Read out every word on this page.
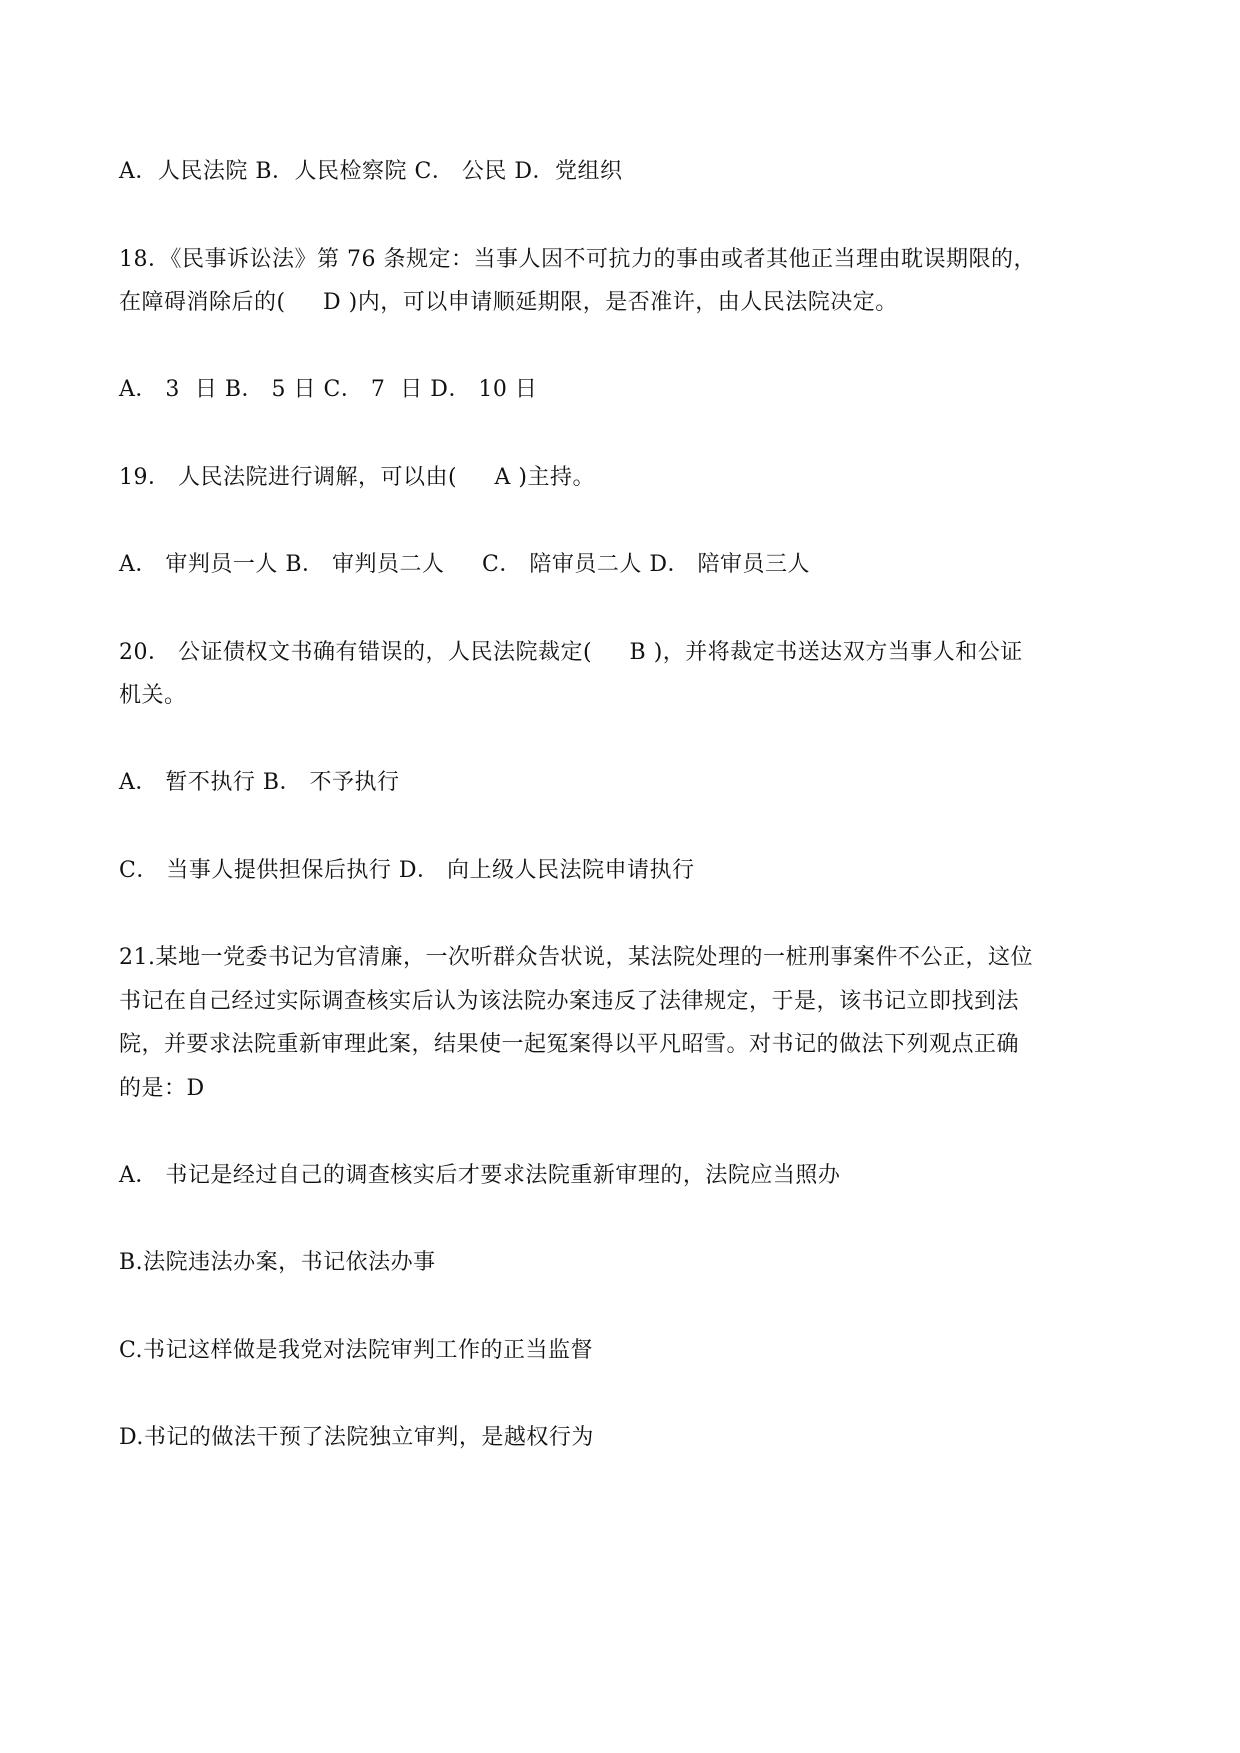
A．人民法院 B．人民检察院 C． 公民 D．党组织
18．《民事诉讼法》第 76 条规定：当事人因不可抗力的事由或者其他正当理由耽误期限的，
在障碍消除后的(     D )内，可以申请顺延期限，是否准许，由人民法院决定。
A． 3  日 B． 5 日 C． 7  日 D． 10 日
19． 人民法院进行调解，可以由(     A )主持。
A． 审判员一人 B． 审判员二人     C． 陪审员二人 D． 陪审员三人
20． 公证债权文书确有错误的，人民法院裁定(     B )，并将裁定书送达双方当事人和公证
机关。
A． 暂不执行 B． 不予执行
C． 当事人提供担保后执行 D． 向上级人民法院申请执行
21.某地一党委书记为官清廉，一次听群众告状说，某法院处理的一桩刑事案件不公正，这位
书记在自己经过实际调查核实后认为该法院办案违反了法律规定，于是，该书记立即找到法
院，并要求法院重新审理此案，结果使一起冤案得以平凡昭雪。对书记的做法下列观点正确
的是：D
A． 书记是经过自己的调查核实后才要求法院重新审理的，法院应当照办
B.法院违法办案，书记依法办事
C.书记这样做是我党对法院审判工作的正当监督
D.书记的做法干预了法院独立审判，是越权行为
